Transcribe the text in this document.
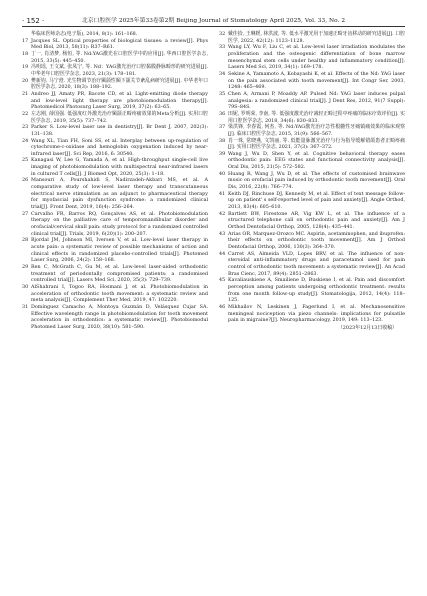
· 152 ·	北京口腔医学 2025年第33卷第2期 Beijing Journal of Stomatology April 2025, Vol. 33, No. 2
华临床医师杂志(电子版), 2014, 8(1): 161–168.
17 Jacques SL. Optical properties of biological tissues: a review[J]. Phys Med Biol, 2013, 58(11): R37–R61.
18 丁一, 肖清梦, 杨恒, 等. Nd:YAG激光在口腔医学中的应用[J]. 华西口腔医学杂志, 2015, 33(5): 445–450.
19 冯明瑶, 王文斌, 张凤宁, 等. Nd：YAG激光治疗口腔黏膜静脉畸形的研究进展[J]. 中华老年口腔医学杂志, 2023, 21(3): 178–181.
20 樊新钧, 马宁澄. 光生物调节治疗颞颌性颞下颌关节紊乱病研究进展[J]. 中华老年口腔医学杂志, 2020, 18(3): 188–192.
21 Andreo JJ, Amaty PR, Bacote CD, et al. Light-emitting diode therapy and low-level light therapy are photobiomodulation therapy[J]. Photomedicol Photosurg Laser Surg, 2019, 37(2): 63–65.
22 左志刚, 薛国强. 低强度红外激光治疗颞颌正畸疼痛效果的Meta分析[J]. 实用口腔医学杂志, 2019, 35(5): 737–742.
23 Parker S. Low-level laser use in dentistry[J]. Br Dent J, 2007, 202(3): 131–138.
24 Wang XL, Tian FH, Soni SS, et al. Interplay between up-regulation of cytochrome-c-oxidase and hemoglobin oxygenation induced by near-infrared laser[J]. Sci Rep, 2016, 6: 30540.
25 Kanagasi W, Lee G, Yamada A, et al. High-throughput single-cell live imaging of photobiomodulation with multispectral near-infrared lasers in cultured T cells[J]. J Biomed Opt, 2020, 25(3): 1–18.
26 Mansouri A, Pourshahidi S, Nadirzadeh-Akbari MS, et al. A comparative study of low-level laser therapy and transcutaneous electrical nerve stimulation as an adjunct to pharmaceutical therapy for myofascial pain dysfunction syndrome: a randomized clinical trial[J]. Front Dent, 2019, 16(4): 256–264.
27 Carvalho FR, Barros RQ, Gonçalves AS, et al. Photobiomodulation therapy on the palliative care of temporomandibular disorder and orofacial/cervical skull pain: study protocol for a randomized controlled clinical trial[J]. Trials, 2019, 6(20)(1): 200–207.
28 Bjordal JM, Johnson MI, Iversen V, et al. Low-level laser therapy in acute pain: a systematic review of possible mechanisms of action and clinical effects in randomized placebo-controlled trials[J]. Photomed Laser Surg, 2006, 24(2): 158–168.
29 Ren C, McGrath C, Gu M, et al. Low-level laser-aided orthodontic treatment of periodontally compromised patients: a randomised controlled trial[J]. Lasers Med Sci, 2020, 35(3): 729–739.
30 AlShahrani I, Togoo RA, Hosmani J, et al. Photobiomodulation in acceleration of orthodontic tooth movement: a systematic review and meta analysis[J]. Complement Ther Med, 2019, 47: 102220.
31 Domínguez Camacho A, Montoya Guzmán D, Velásquez Cujar SA. Effective wavelength range in photobiomodulation for tooth movement acceleration in orthodontics: a systematic review[J]. Photobiomodul Photomed Laser Surg, 2020, 38(10): 581–590.
32 戴佳拾, 王琳媛, 林洪波, 等. 低水平激光用于加速正畸牙齿移动的研究进展[J]. 口腔医学, 2022, 42(12): 1123–1128.
33 Wang LY, Wu F, Liu C, et al. Low-level laser irradiation modulates the proliferation and the osteogenic differentiation of bone marrow mesenchymal stem cells under healthy and inflammatory condition[J]. Lasers Med Sci, 2019, 34(1): 169–178.
34 Sekine A, Yamamoto A, Kobayashi K, et al. Effects of the Nd: YAG laser on the pain associated with tooth movement[J]. Int Congr Ser, 2003, 1248: 465–469.
35 Chen A, Armani P, Moaddy AP. Pulsed Nd: YAG laser induces pulpal analgesia: a randomized clinical trial[J]. J Dent Res, 2012, 91(7 Suppl): 79S–84S.
36 田妮, 罗明荣, 李南, 等. 低强度激光治疗减轻正畸过程中疼痛的临床疗效评价[J]. 实用口腔医学杂志, 2018, 34(6): 830–833.
37 梁洪锋, 李春霞, 何杰, 等. Nd:YAG激光治疗急性根髓性牙痛镇痛效果的临床观察[J]. 临床口腔医学杂志, 2015, 31(9): 566–567.
38 肖一珠, 常晓燕, 文凯丽, 等. 低能量脉激光治疗与行为指导缓解错颌患者正畸疼痛[J]. 实用口腔医学杂志, 2021, 37(3): 367–372.
39 Wang J, Wu D, Shen Y, et al. Cognitive behavioral therapy eases orthodontic pain: EEG states and functional connectivity analysis[J]. Oral Dis, 2015, 21(5): 572–582.
40 Huang R, Wang J, Wu D, et al. The effects of customised brainwave music on orofacial pain induced by orthodontic tooth movement[J]. Oral Dis, 2016, 22(8): 766–774.
41 Keith DJ, Rinchuse DJ, Kennedy M, et al. Effect of text message follow-up on patient' s self-reported level of pain and anxiety[J]. Angle Orthod, 2013, 83(4): 605–610.
42 Bartlett BW, Firestone AR, Vig KW L, et al. The influence of a structured telephone call on orthodontic pain and anxiety[J]. Am J Orthod Dentofacial Orthop, 2005, 128(4): 435–441.
43 Arias OR, Marquez-Orozco MC. Aspirin, acetaminophen, and ibuprofen: their effects on orthodontic tooth movement[J]. Am J Orthod Dentofacial Orthop, 2006, 130(3): 364–370.
44 Carret AS, Almeida VLD, Lopes BRV, et al. The influence of non-steroidal anti-inflammatory drugs and paracetamol used for pain control of orthodontic tooth movement: a systematic review[J]. An Acad Bras Cienc, 2017, 89(4): 2851–2863.
45 Kavaliauskiene A, Smailiene D, Buskiene I, et al. Pain and discomfort perception among patients undergoing orthodontic treatment: results from one month follow-up study[J]. Stomatologija, 2012, 14(4): 118–125.
46 Mikhailov N, Leskinen J, Fagerlund I, et al. Mechanosensitive meningeal nociception via piezo channels: implications for pulsatile pain in migraine?[J]. Neuropharmacology, 2019, 149: 113–123.
（2023年12月13日收稿）
